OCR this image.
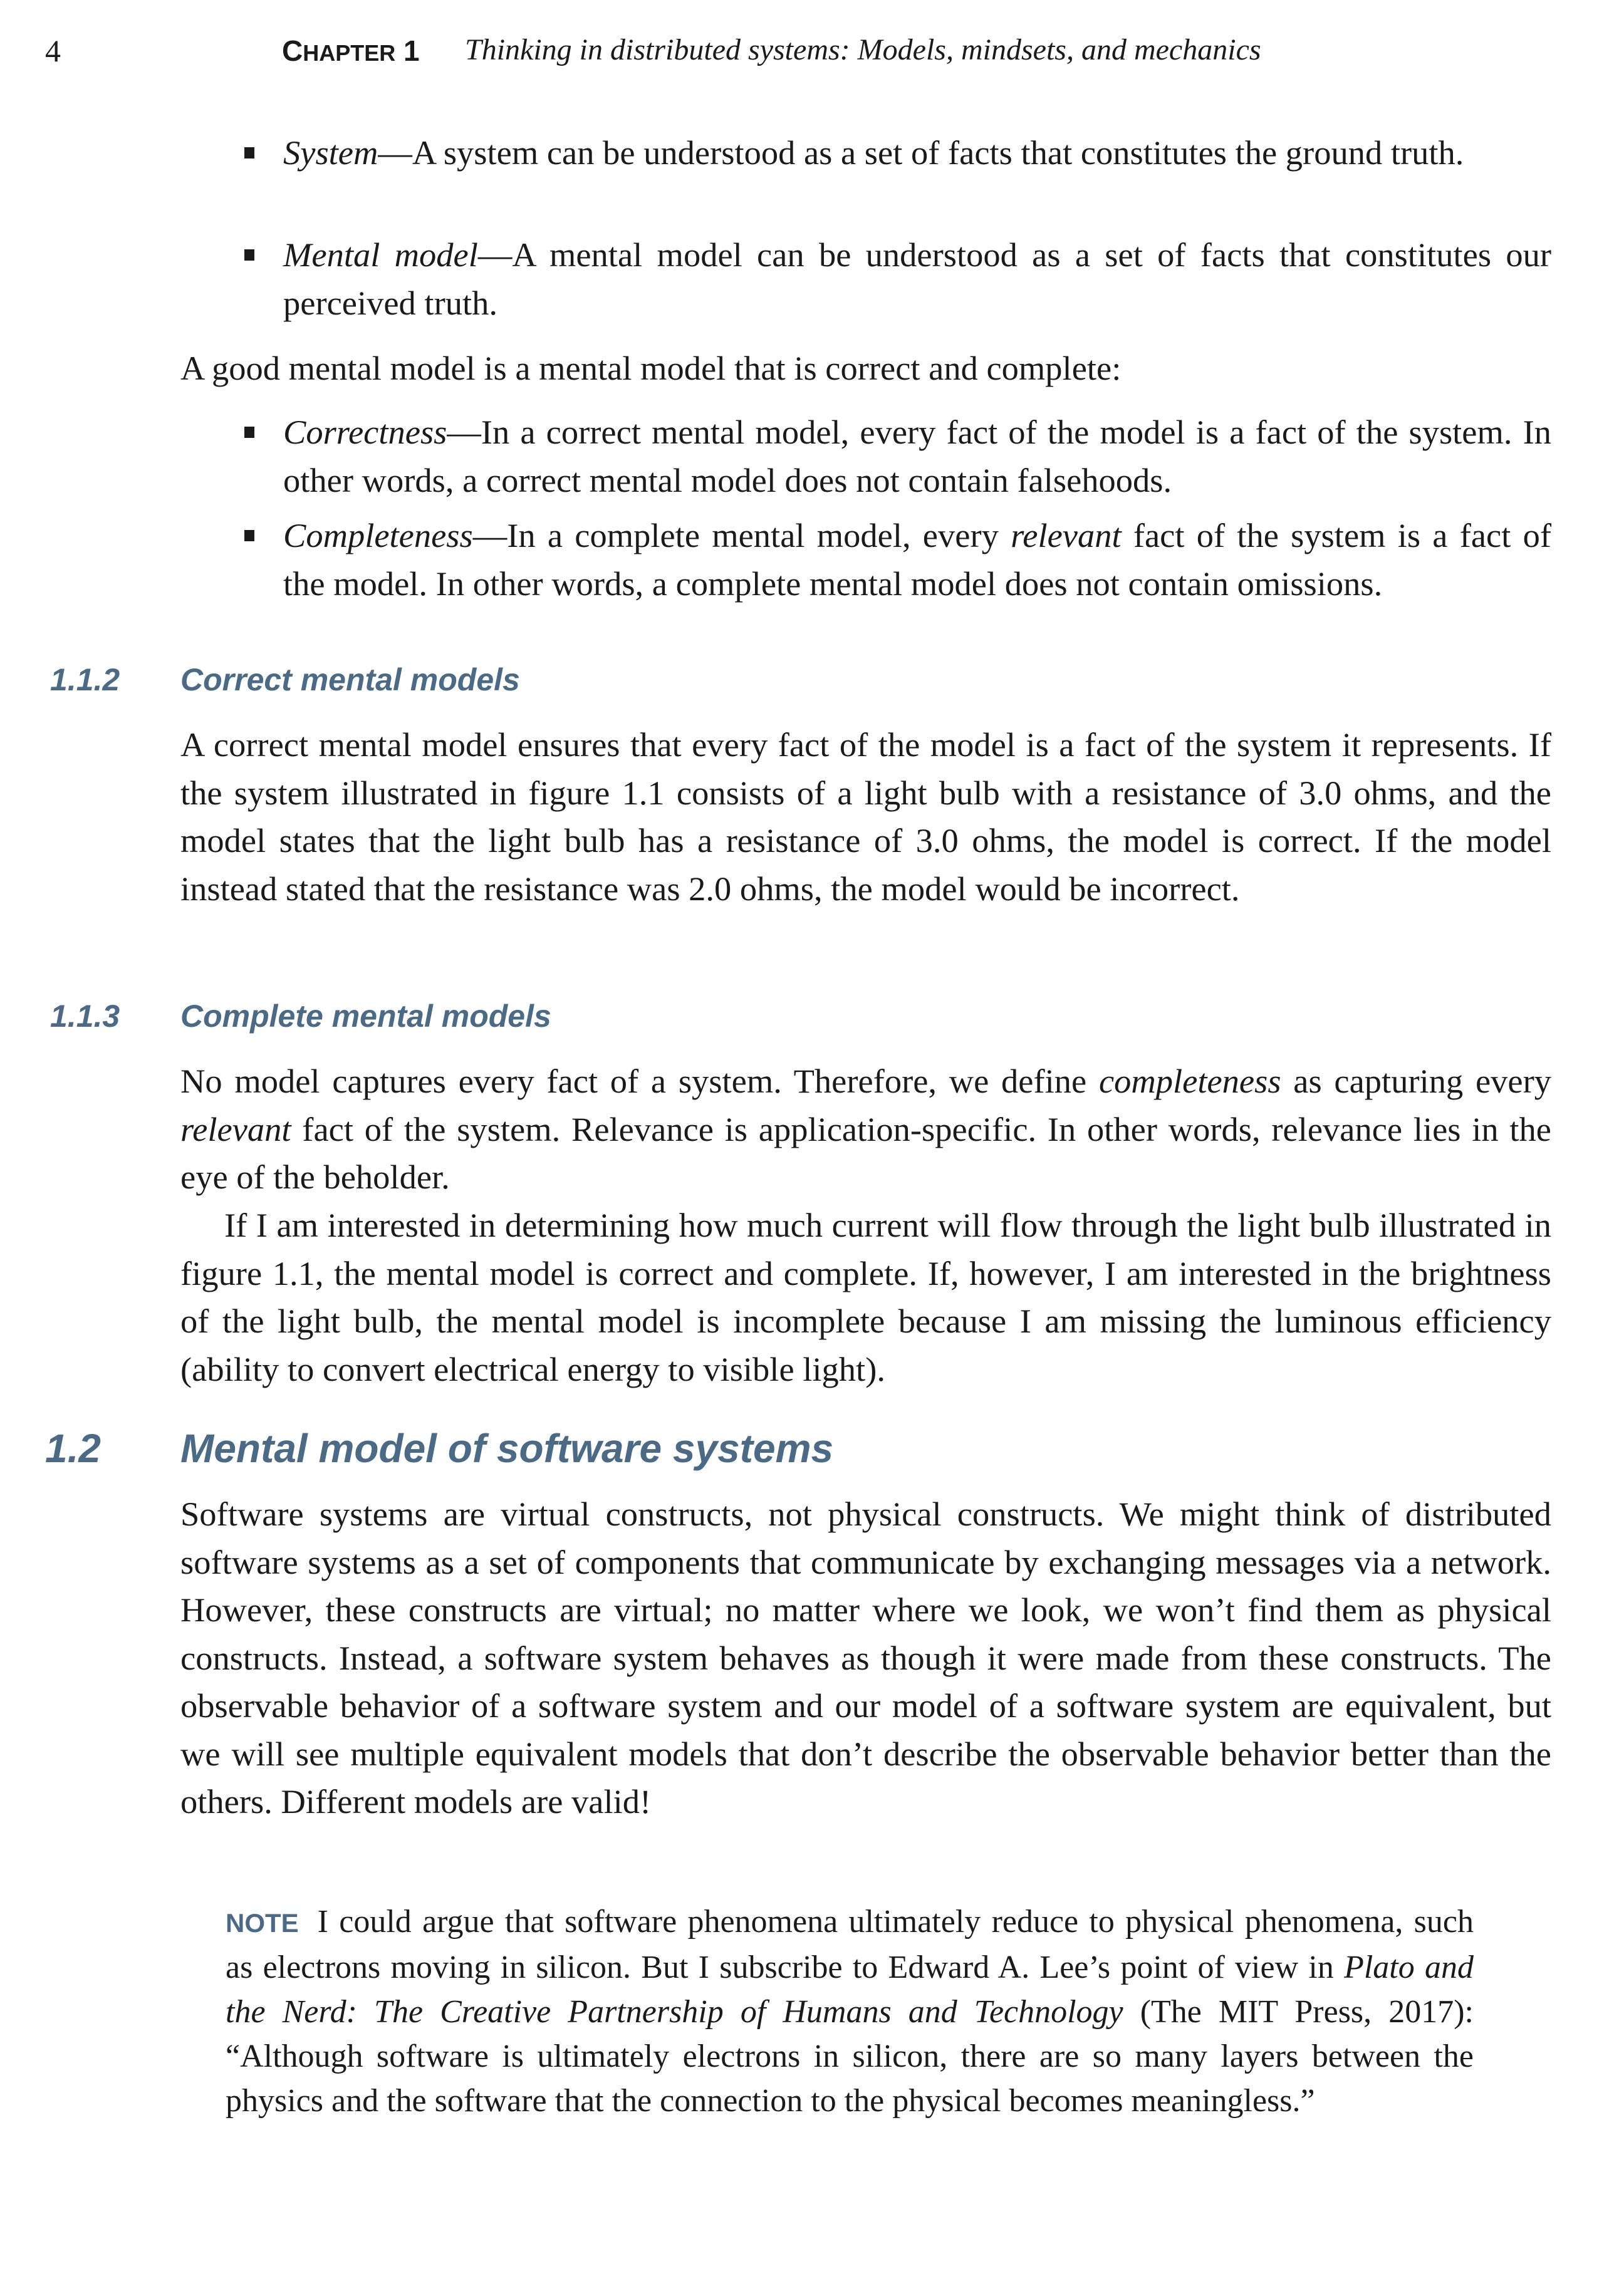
4	CHAPTER 1 Thinking in distributed systems: Models, mindsets, and mechanics
System—A system can be understood as a set of facts that constitutes the ground truth.
Mental model—A mental model can be understood as a set of facts that constitutes our perceived truth.
A good mental model is a mental model that is correct and complete:
Correctness—In a correct mental model, every fact of the model is a fact of the system. In other words, a correct mental model does not contain falsehoods.
Completeness—In a complete mental model, every relevant fact of the system is a fact of the model. In other words, a complete mental model does not contain omissions.
1.1.2 Correct mental models
A correct mental model ensures that every fact of the model is a fact of the system it represents. If the system illustrated in figure 1.1 consists of a light bulb with a resistance of 3.0 ohms, and the model states that the light bulb has a resistance of 3.0 ohms, the model is correct. If the model instead stated that the resistance was 2.0 ohms, the model would be incorrect.
1.1.3 Complete mental models
No model captures every fact of a system. Therefore, we define completeness as capturing every relevant fact of the system. Relevance is application-specific. In other words, relevance lies in the eye of the beholder.
If I am interested in determining how much current will flow through the light bulb illustrated in figure 1.1, the mental model is correct and complete. If, however, I am interested in the brightness of the light bulb, the mental model is incomplete because I am missing the luminous efficiency (ability to convert electrical energy to visible light).
1.2 Mental model of software systems
Software systems are virtual constructs, not physical constructs. We might think of distributed software systems as a set of components that communicate by exchanging messages via a network. However, these constructs are virtual; no matter where we look, we won’t find them as physical constructs. Instead, a software system behaves as though it were made from these constructs. The observable behavior of a software system and our model of a software system are equivalent, but we will see multiple equivalent models that don’t describe the observable behavior better than the others. Different models are valid!
NOTE I could argue that software phenomena ultimately reduce to physical phenomena, such as electrons moving in silicon. But I subscribe to Edward A. Lee’s point of view in Plato and the Nerd: The Creative Partnership of Humans and Technology (The MIT Press, 2017): “Although software is ultimately electrons in silicon, there are so many layers between the physics and the software that the connection to the physical becomes meaningless.”
